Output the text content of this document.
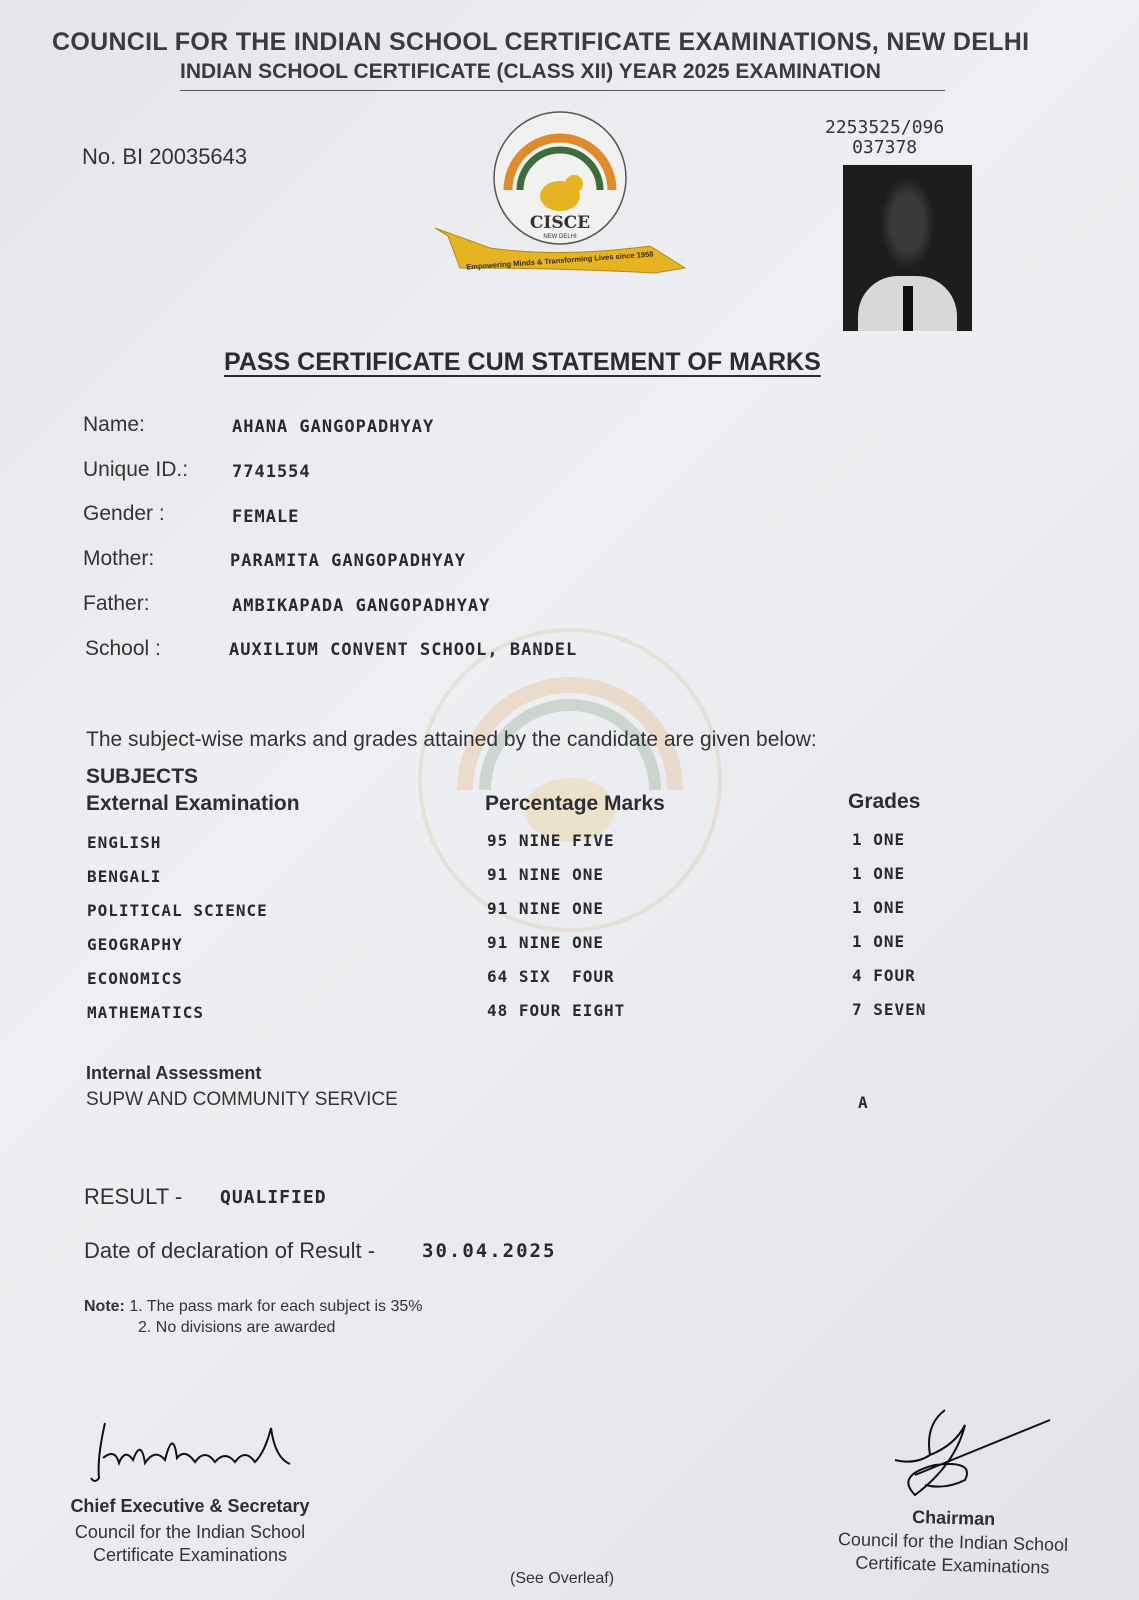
COUNCIL FOR THE INDIAN SCHOOL CERTIFICATE EXAMINATIONS, NEW DELHI
INDIAN SCHOOL CERTIFICATE (CLASS XII) YEAR 2025 EXAMINATION
No. BI 20035643
2253525/096
037378
CISCE
NEW DELHI
Empowering Minds & Transforming Lives since 1958
PASS CERTIFICATE CUM STATEMENT OF MARKS
Name:	AHANA GANGOPADHYAY
Unique ID.:	7741554
Gender :	FEMALE
Mother:	PARAMITA GANGOPADHYAY
Father:	AMBIKAPADA GANGOPADHYAY
School :	AUXILIUM CONVENT SCHOOL, BANDEL
The subject-wise marks and grades attained by the candidate are given below:
SUBJECTS
External Examination	Percentage Marks	Grades
ENGLISH	95 NINE FIVE	1 ONE
BENGALI	91 NINE ONE	1 ONE
POLITICAL SCIENCE	91 NINE ONE	1 ONE
GEOGRAPHY	91 NINE ONE	1 ONE
ECONOMICS	64 SIX  FOUR	4 FOUR
MATHEMATICS	48 FOUR EIGHT	7 SEVEN
Internal Assessment
SUPW AND COMMUNITY SERVICE	A
RESULT - QUALIFIED
Date of declaration of Result - 30.04.2025
Note: 1. The pass mark for each subject is 35%
2. No divisions are awarded
Chief Executive & Secretary
Council for the Indian School
Certificate Examinations
Chairman
Council for the Indian School
Certificate Examinations
(See Overleaf)
